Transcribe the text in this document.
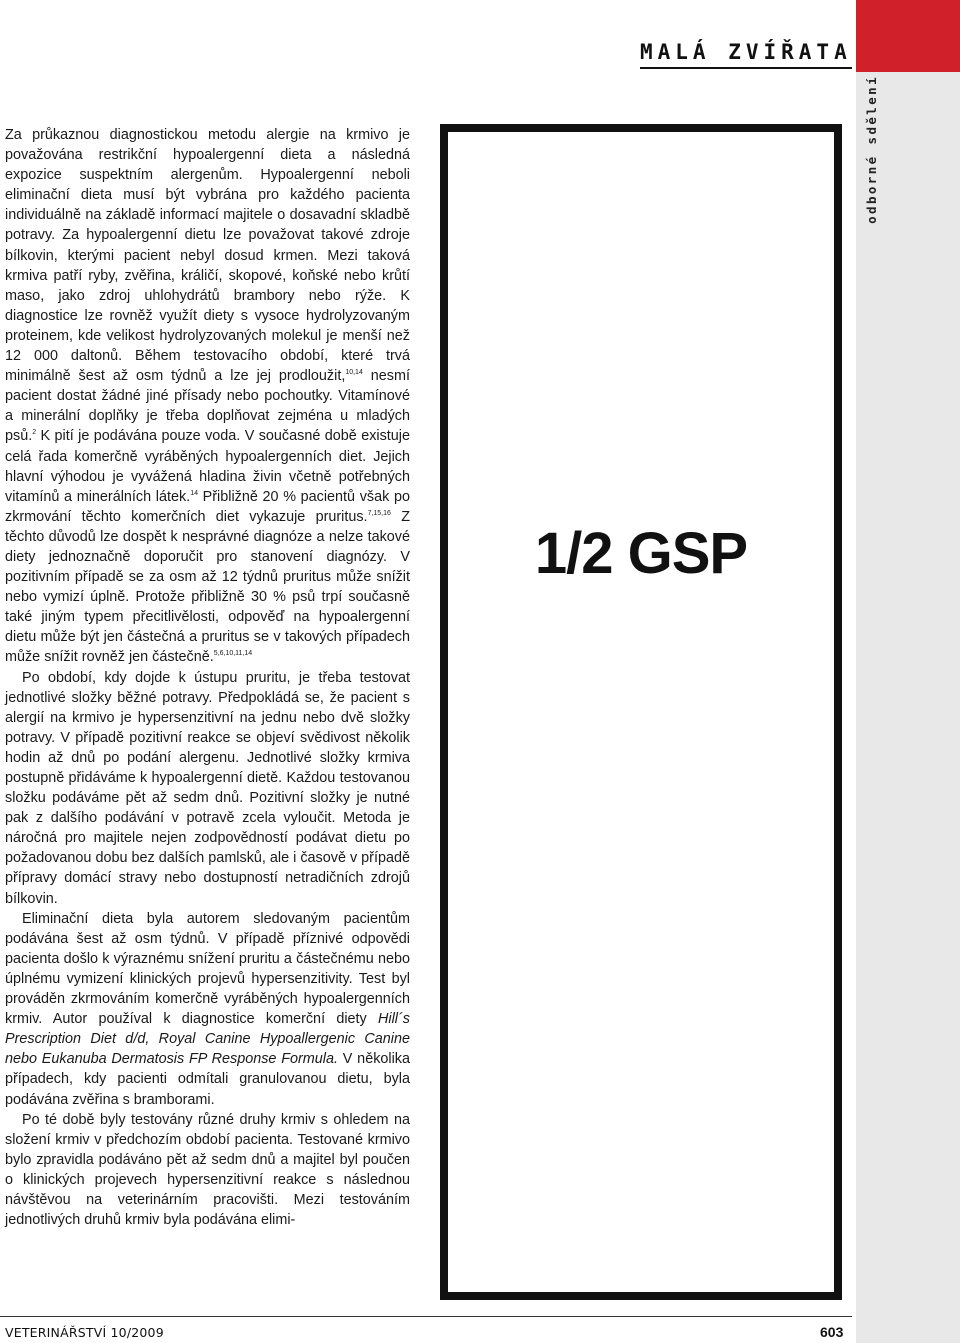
MALÁ ZVÍŘATA
odborné sdělení

Za průkaznou diagnostickou metodu alergie na krmivo je považována restrikční hypoalergenní dieta a následná expozice suspektním alergenům. Hypoalergenní neboli eliminační dieta musí být vybrána pro každého pacienta individuálně na základě informací majitele o dosavadní skladbě potravy. Za hypoalergenní dietu lze považovat takové zdroje bílkovin, kterými pacient nebyl dosud krmen. Mezi taková krmiva patří ryby, zvěřina, králičí, skopové, koňské nebo krůtí maso, jako zdroj uhlohydrátů brambory nebo rýže. K diagnostice lze rovněž využít diety s vysoce hydrolyzovaným proteinem, kde velikost hydrolyzovaných molekul je menší než 12 000 daltonů. Během testovacího období, které trvá minimálně šest až osm týdnů a lze jej prodloužit,$^{10,14}$ nesmí pacient dostat žádné jiné přísady nebo pochoutky. Vitamínové a minerální doplňky je třeba doplňovat zejména u mladých psů.$^2$ K pití je podávána pouze voda. V současné době existuje celá řada komerčně vyráběných hypoalergenních diet. Jejich hlavní výhodou je vyvážená hladina živin včetně potřebných vitamínů a minerálních látek.$^{14}$ Přibližně 20 % pacientů však po zkrmování těchto komerčních diet vykazuje pruritus.$^{7,15,16}$ Z těchto důvodů lze dospět k nesprávné diagnóze a nelze takové diety jednoznačně doporučit pro stanovení diagnózy. V pozitivním případě se za osm až 12 týdnů pruritus může snížit nebo vymizí úplně. Protože přibližně 30 % psů trpí současně také jiným typem přecitlivělosti, odpověď na hypoalergenní dietu může být jen částečná a pruritus se v takových případech může snížit rovněž jen částečně.$^{5,6,10,11,14}$

Po období, kdy dojde k ústupu pruritu, je třeba testovat jednotlivé složky běžné potravy. Předpokládá se, že pacient s alergií na krmivo je hypersenzitivní na jednu nebo dvě složky potravy. V případě pozitivní reakce se objeví svědivost několik hodin až dnů po podání alergenu. Jednotlivé složky krmiva postupně přidáváme k hypoalergenní dietě. Každou testovanou složku podáváme pět až sedm dnů. Pozitivní složky je nutné pak z dalšího podávání v potravě zcela vyloučit. Metoda je náročná pro majitele nejen zodpovědností podávat dietu po požadovanou dobu bez dalších pamlsků, ale i časově v případě přípravy domácí stravy nebo dostupností netradičních zdrojů bílkovin.

Eliminační dieta byla autorem sledovaným pacientům podávána šest až osm týdnů. V případě příznivé odpovědi pacienta došlo k výraznému snížení pruritu a částečnému nebo úplnému vymizení klinických projevů hypersenzitivity. Test byl prováděn zkrmováním komerčně vyráběných hypoalergenních krmiv. Autor používal k diagnostice komerční diety Hill´s Prescription Diet d/d, Royal Canine Hypoallergenic Canine nebo Eukanuba Dermatosis FP Response Formula. V několika případech, kdy pacienti odmítali granulovanou dietu, byla podávána zvěřina s bramborami.

Po té době byly testovány různé druhy krmiv s ohledem na složení krmiv v předchozím období pacienta. Testované krmivo bylo zpravidla podáváno pět až sedm dnů a majitel byl poučen o klinických projevech hypersenzitivní reakce s následnou návštěvou na veterinárním pracovišti. Mezi testováním jednotlivých druhů krmiv byla podávána elimi-

1/2 GSP
VETERINÁŘSTVÍ 10/2009	603
